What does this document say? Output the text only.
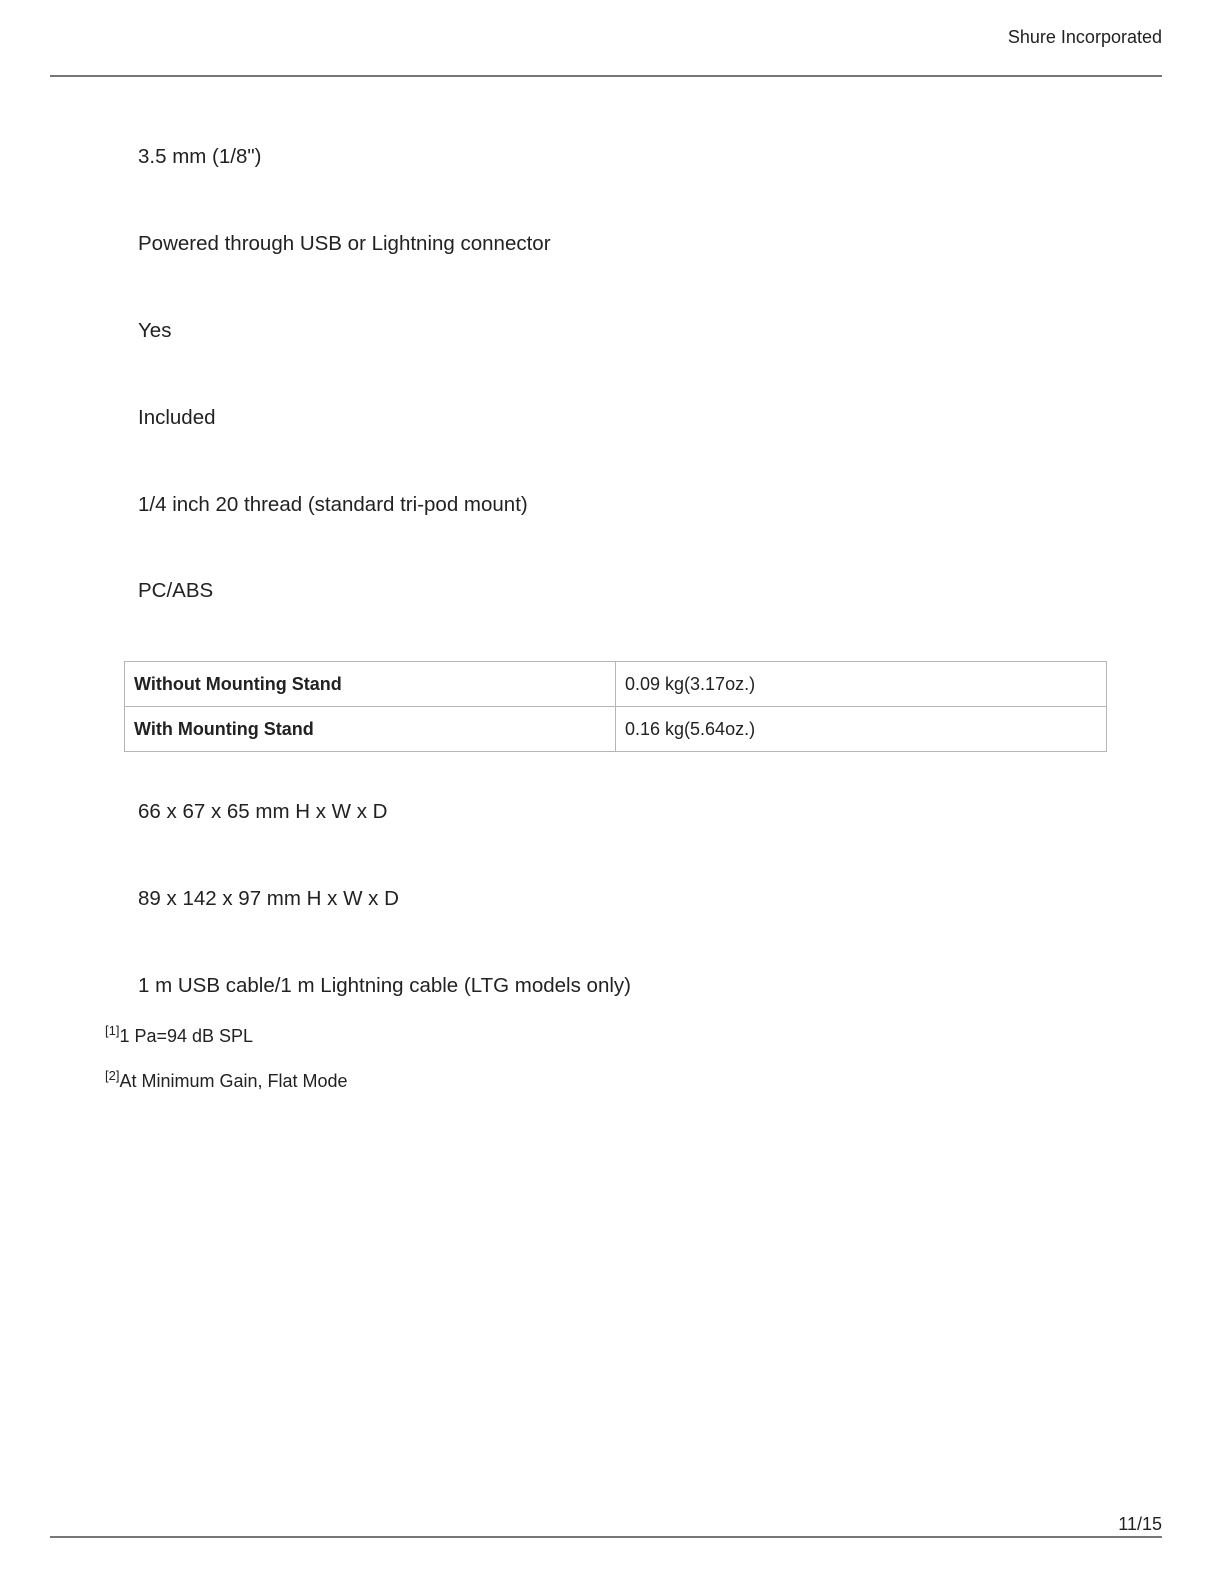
Shure Incorporated
3.5 mm (1/8")
Powered through USB or Lightning connector
Yes
Included
1/4 inch 20 thread (standard tri-pod mount)
PC/ABS
Without Mounting Stand	0.09 kg(3.17oz.)
With Mounting Stand	0.16 kg(5.64oz.)
66 x 67 x 65 mm H x W x D
89 x 142 x 97 mm H x W x D
1 m USB cable/1 m Lightning cable (LTG models only)
[1]1 Pa=94 dB SPL
[2]At Minimum Gain, Flat Mode
11/15
